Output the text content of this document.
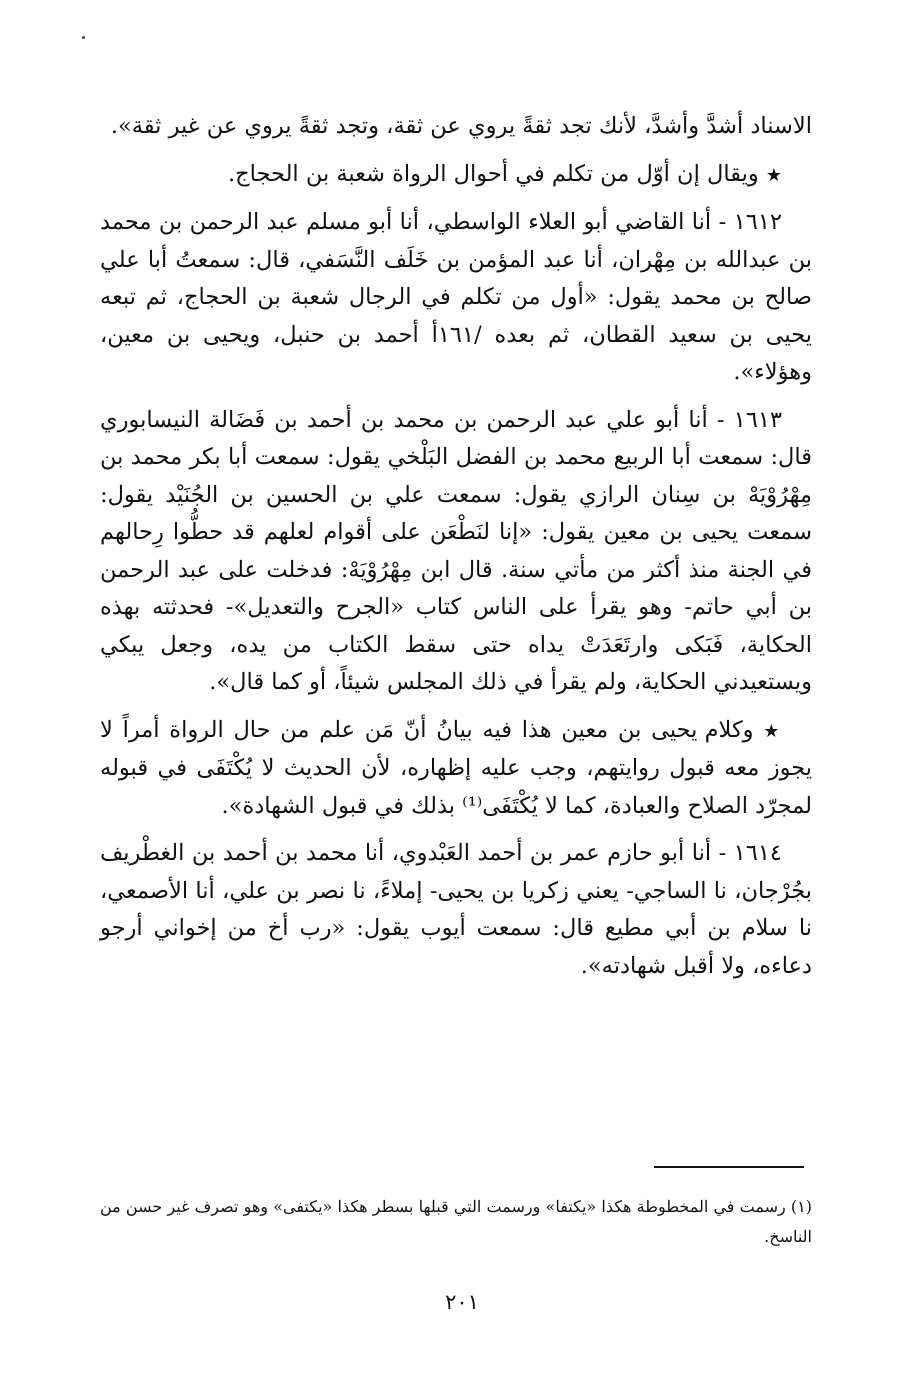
الاسناد أشدَّ وأشدَّ، لأنك تجد ثقةً يروي عن ثقة، وتجد ثقةً يروي عن غير ثقة».

★ ويقال إن أوّل من تكلم في أحوال الرواة شعبة بن الحجاج.

١٦١٢ - أنا القاضي أبو العلاء الواسطي، أنا أبو مسلم عبد الرحمن بن محمد بن عبدالله بن مِهْران، أنا عبد المؤمن بن خَلَف النَّسَفي، قال: سمعتُ أبا علي صالح بن محمد يقول: «أول من تكلم في الرجال شعبة بن الحجاج، ثم تبعه يحيى بن سعيد القطان، ثم بعده /١٦١أ أحمد بن حنبل، ويحيى بن معين، وهؤلاء».

١٦١٣ - أنا أبو علي عبد الرحمن بن محمد بن أحمد بن فَضَالة النيسابوري قال: سمعت أبا الربيع محمد بن الفضل البَلْخي يقول: سمعت أبا بكر محمد بن مِهْرُوْيَهْ بن سِنان الرازي يقول: سمعت علي بن الحسين بن الجُنَيْد يقول: سمعت يحيى بن معين يقول: «إنا لنَطْعَن على أقوام لعلهم قد حطُّوا رِحالهم في الجنة منذ أكثر من مأتي سنة. قال ابن مِهْرُوْيَهْ: فدخلت على عبد الرحمن بن أبي حاتم- وهو يقرأ على الناس كتاب «الجرح والتعديل»- فحدثته بهذه الحكاية، فَبَكى وارتَعَدَتْ يداه حتى سقط الكتاب من يده، وجعل يبكي ويستعيدني الحكاية، ولم يقرأ في ذلك المجلس شيئاً، أو كما قال».

★ وكلام يحيى بن معين هذا فيه بيانُ أنّ مَن علم من حال الرواة أمراً لا يجوز معه قبول روايتهم، وجب عليه إظهاره، لأن الحديث لا يُكْتَفَى في قبوله لمجرّد الصلاح والعبادة، كما لا يُكْتَفَى⁽¹⁾ بذلك في قبول الشهادة».

١٦١٤ - أنا أبو حازم عمر بن أحمد العَبْدوي، أنا محمد بن أحمد بن الغطْريف بجُرْجان، نا الساجي- يعني زكريا بن يحيى- إملاءً، نا نصر بن علي، أنا الأصمعي، نا سلام بن أبي مطيع قال: سمعت أيوب يقول: «رب أخ من إخواني أرجو دعاءه، ولا أقبل شهادته».

(١) رسمت في المخطوطة هكذا «يكتفا» ورسمت التي قبلها بسطر هكذا «يكتفى» وهو تصرف غير حسن من الناسخ.

٢٠١
